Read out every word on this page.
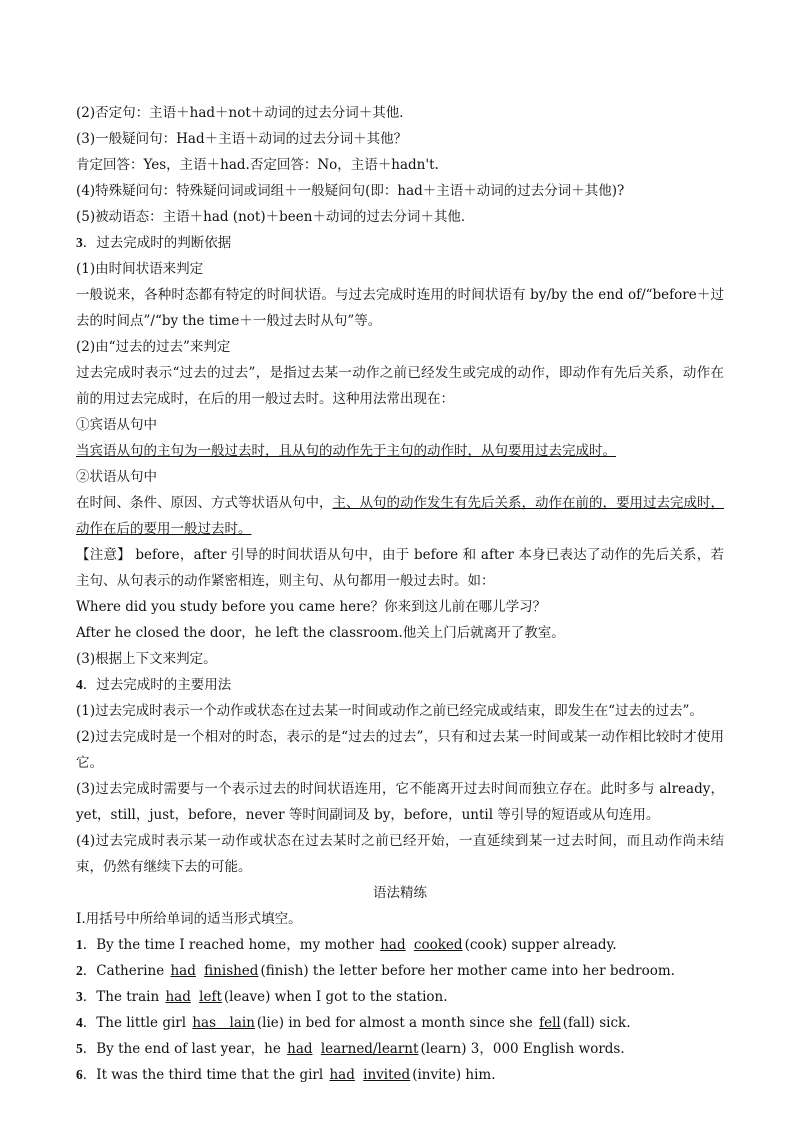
(2)否定句：主语＋had＋not＋动词的过去分词＋其他．
(3)一般疑问句：Had＋主语＋动词的过去分词＋其他？
肯定回答：Yes，主语＋had.否定回答：No，主语＋hadn't.
(4)特殊疑问句：特殊疑问词或词组＋一般疑问句(即：had＋主语＋动词的过去分词＋其他)?
(5)被动语态：主语＋had (not)＋been＋动词的过去分词＋其他．
3．过去完成时的判断依据
(1)由时间状语来判定
一般说来，各种时态都有特定的时间状语。与过去完成时连用的时间状语有 by/by the end of/“before＋过去的时间点”/“by the time＋一般过去时从句”等。
(2)由“过去的过去”来判定
过去完成时表示“过去的过去”，是指过去某一动作之前已经发生或完成的动作，即动作有先后关系，动作在前的用过去完成时，在后的用一般过去时。这种用法常出现在：
①宾语从句中
当宾语从句的主句为一般过去时，且从句的动作先于主句的动作时，从句要用过去完成时。
②状语从句中
在时间、条件、原因、方式等状语从句中，主、从句的动作发生有先后关系，动作在前的，要用过去完成时，动作在后的要用一般过去时。
【注意】 before，after 引导的时间状语从句中，由于 before 和 after 本身已表达了动作的先后关系，若主句、从句表示的动作紧密相连，则主句、从句都用一般过去时。如：
Where did you study before you came here？你来到这儿前在哪儿学习？
After he closed the door，he left the classroom.他关上门后就离开了教室。
(3)根据上下文来判定。
4．过去完成时的主要用法
(1)过去完成时表示一个动作或状态在过去某一时间或动作之前已经完成或结束，即发生在“过去的过去”。
(2)过去完成时是一个相对的时态，表示的是“过去的过去”，只有和过去某一时间或某一动作相比较时才使用它。
(3)过去完成时需要与一个表示过去的时间状语连用，它不能离开过去时间而独立存在。此时多与 already，yet，still，just，before，never 等时间副词及 by，before，until 等引导的短语或从句连用。
(4)过去完成时表示某一动作或状态在过去某时之前已经开始，一直延续到某一过去时间，而且动作尚未结束，仍然有继续下去的可能。
语法精练
Ⅰ.用括号中所给单词的适当形式填空。
1．By the time I reached home，my mother had cooked (cook) supper already.
2．Catherine had finished (finish) the letter before her mother came into her bedroom.
3．The train had left (leave) when I got to the station.
4．The little girl has lain (lie) in bed for almost a month since she fell (fall) sick.
5．By the end of last year，he had learned/learnt (learn) 3，000 English words.
6．It was the third time that the girl had invited (invite) him.
